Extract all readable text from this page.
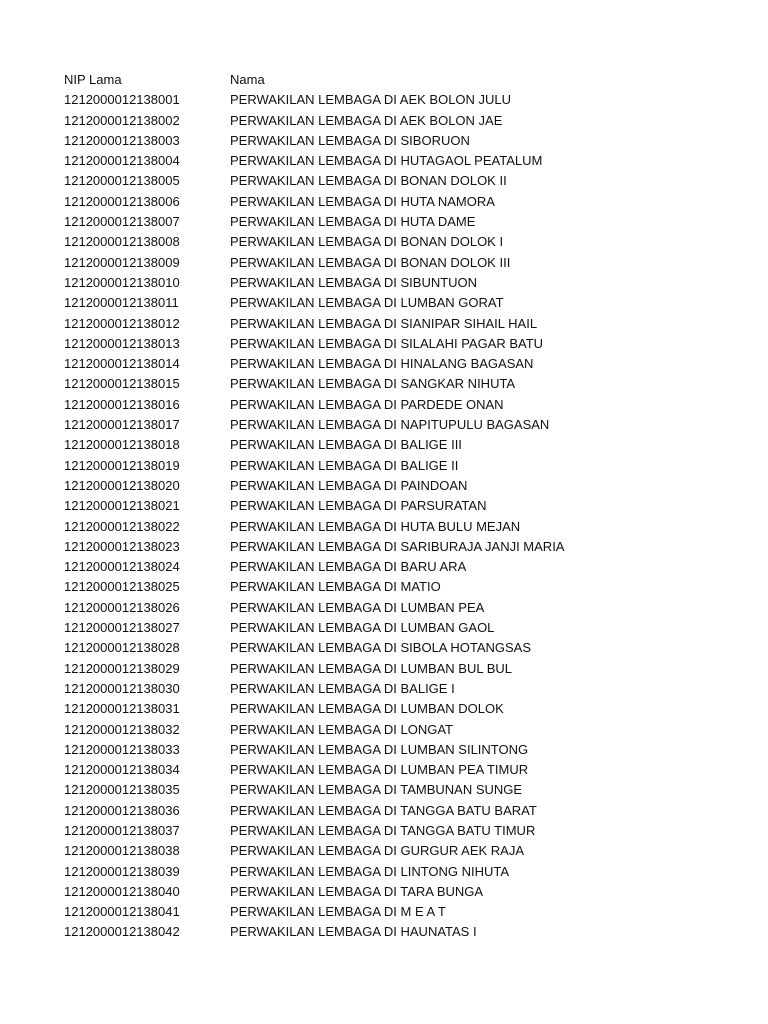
NIP Lama	Nama
1212000012138001	PERWAKILAN LEMBAGA DI AEK BOLON JULU
1212000012138002	PERWAKILAN LEMBAGA DI AEK BOLON JAE
1212000012138003	PERWAKILAN LEMBAGA DI SIBORUON
1212000012138004	PERWAKILAN LEMBAGA DI HUTAGAOL PEATALUM
1212000012138005	PERWAKILAN LEMBAGA DI BONAN DOLOK II
1212000012138006	PERWAKILAN LEMBAGA DI HUTA NAMORA
1212000012138007	PERWAKILAN LEMBAGA DI HUTA DAME
1212000012138008	PERWAKILAN LEMBAGA DI BONAN DOLOK I
1212000012138009	PERWAKILAN LEMBAGA DI BONAN DOLOK III
1212000012138010	PERWAKILAN LEMBAGA DI SIBUNTUON
1212000012138011	PERWAKILAN LEMBAGA DI LUMBAN GORAT
1212000012138012	PERWAKILAN LEMBAGA DI SIANIPAR SIHAIL HAIL
1212000012138013	PERWAKILAN LEMBAGA DI SILALAHI PAGAR BATU
1212000012138014	PERWAKILAN LEMBAGA DI HINALANG BAGASAN
1212000012138015	PERWAKILAN LEMBAGA DI SANGKAR NIHUTA
1212000012138016	PERWAKILAN LEMBAGA DI PARDEDE ONAN
1212000012138017	PERWAKILAN LEMBAGA DI NAPITUPULU BAGASAN
1212000012138018	PERWAKILAN LEMBAGA DI BALIGE III
1212000012138019	PERWAKILAN LEMBAGA DI BALIGE II
1212000012138020	PERWAKILAN LEMBAGA DI PAINDOAN
1212000012138021	PERWAKILAN LEMBAGA DI PARSURATAN
1212000012138022	PERWAKILAN LEMBAGA DI HUTA BULU MEJAN
1212000012138023	PERWAKILAN LEMBAGA DI SARIBURAJA JANJI MARIA
1212000012138024	PERWAKILAN LEMBAGA DI BARU ARA
1212000012138025	PERWAKILAN LEMBAGA DI MATIO
1212000012138026	PERWAKILAN LEMBAGA DI LUMBAN PEA
1212000012138027	PERWAKILAN LEMBAGA DI LUMBAN GAOL
1212000012138028	PERWAKILAN LEMBAGA DI SIBOLA HOTANGSAS
1212000012138029	PERWAKILAN LEMBAGA DI LUMBAN BUL BUL
1212000012138030	PERWAKILAN LEMBAGA DI BALIGE I
1212000012138031	PERWAKILAN LEMBAGA DI LUMBAN DOLOK
1212000012138032	PERWAKILAN LEMBAGA DI LONGAT
1212000012138033	PERWAKILAN LEMBAGA DI LUMBAN SILINTONG
1212000012138034	PERWAKILAN LEMBAGA DI LUMBAN PEA TIMUR
1212000012138035	PERWAKILAN LEMBAGA DI TAMBUNAN SUNGE
1212000012138036	PERWAKILAN LEMBAGA DI TANGGA BATU BARAT
1212000012138037	PERWAKILAN LEMBAGA DI TANGGA BATU TIMUR
1212000012138038	PERWAKILAN LEMBAGA DI GURGUR AEK RAJA
1212000012138039	PERWAKILAN LEMBAGA DI LINTONG NIHUTA
1212000012138040	PERWAKILAN LEMBAGA DI TARA BUNGA
1212000012138041	PERWAKILAN LEMBAGA DI M E A T
1212000012138042	PERWAKILAN LEMBAGA DI HAUNATAS I
